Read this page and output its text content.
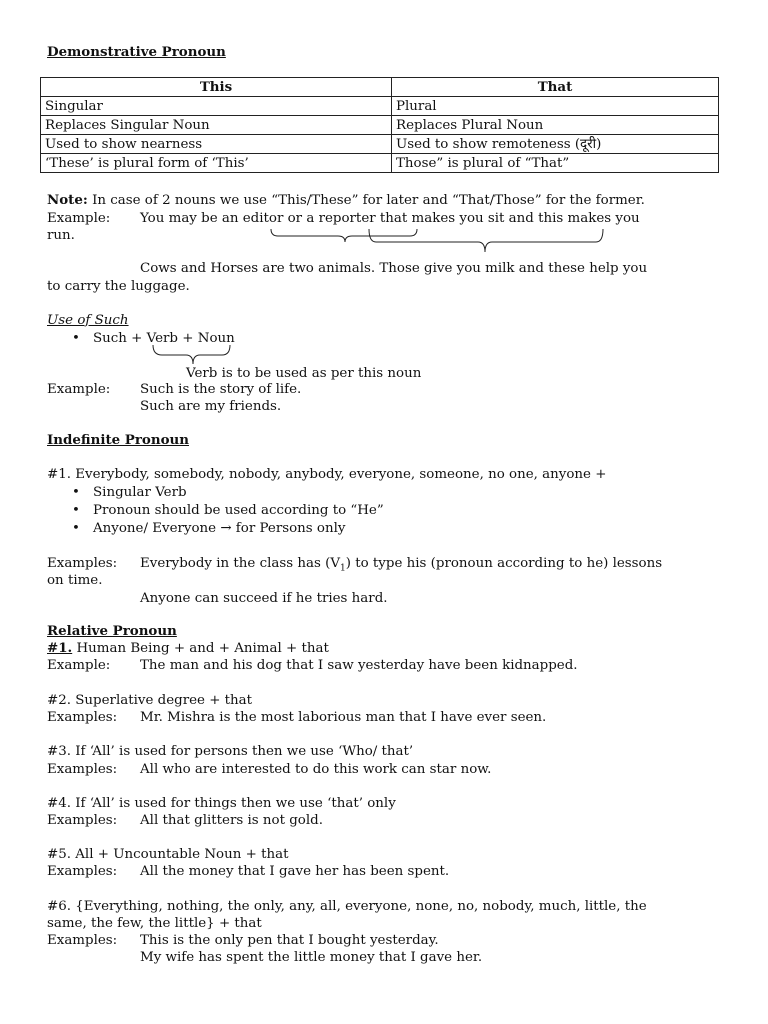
Demonstrative Pronoun
This	That
Singular	Plural
Replaces Singular Noun	Replaces Plural Noun
Used to show nearness	Used to show remoteness (दूरी)
‘These’ is plural form of ‘This’	Those” is plural of “That”
Note: In case of 2 nouns we use “This/These” for later and “That/Those” for the former.
Example: You may be an editor or a reporter that makes you sit and this makes you
run.
Cows and Horses are two animals. Those give you milk and these help you
to carry the luggage.
Use of Such
• Such + Verb + Noun
Verb is to be used as per this noun
Example: Such is the story of life.
Such are my friends.
Indefinite Pronoun
#1. Everybody, somebody, nobody, anybody, everyone, someone, no one, anyone +
• Singular Verb
• Pronoun should be used according to “He”
• Anyone/ Everyone → for Persons only
Examples: Everybody in the class has $(V_1)$ to type his (pronoun according to he) lessons
on time.
Anyone can succeed if he tries hard.
Relative Pronoun
#1. Human Being + and + Animal + that
Example: The man and his dog that I saw yesterday have been kidnapped.
#2. Superlative degree + that
Examples: Mr. Mishra is the most laborious man that I have ever seen.
#3. If ‘All’ is used for persons then we use ‘Who/ that’
Examples: All who are interested to do this work can star now.
#4. If ‘All’ is used for things then we use ‘that’ only
Examples: All that glitters is not gold.
#5. All + Uncountable Noun + that
Examples: All the money that I gave her has been spent.
#6. {Everything, nothing, the only, any, all, everyone, none, no, nobody, much, little, the
same, the few, the little} + that
Examples: This is the only pen that I bought yesterday.
My wife has spent the little money that I gave her.
